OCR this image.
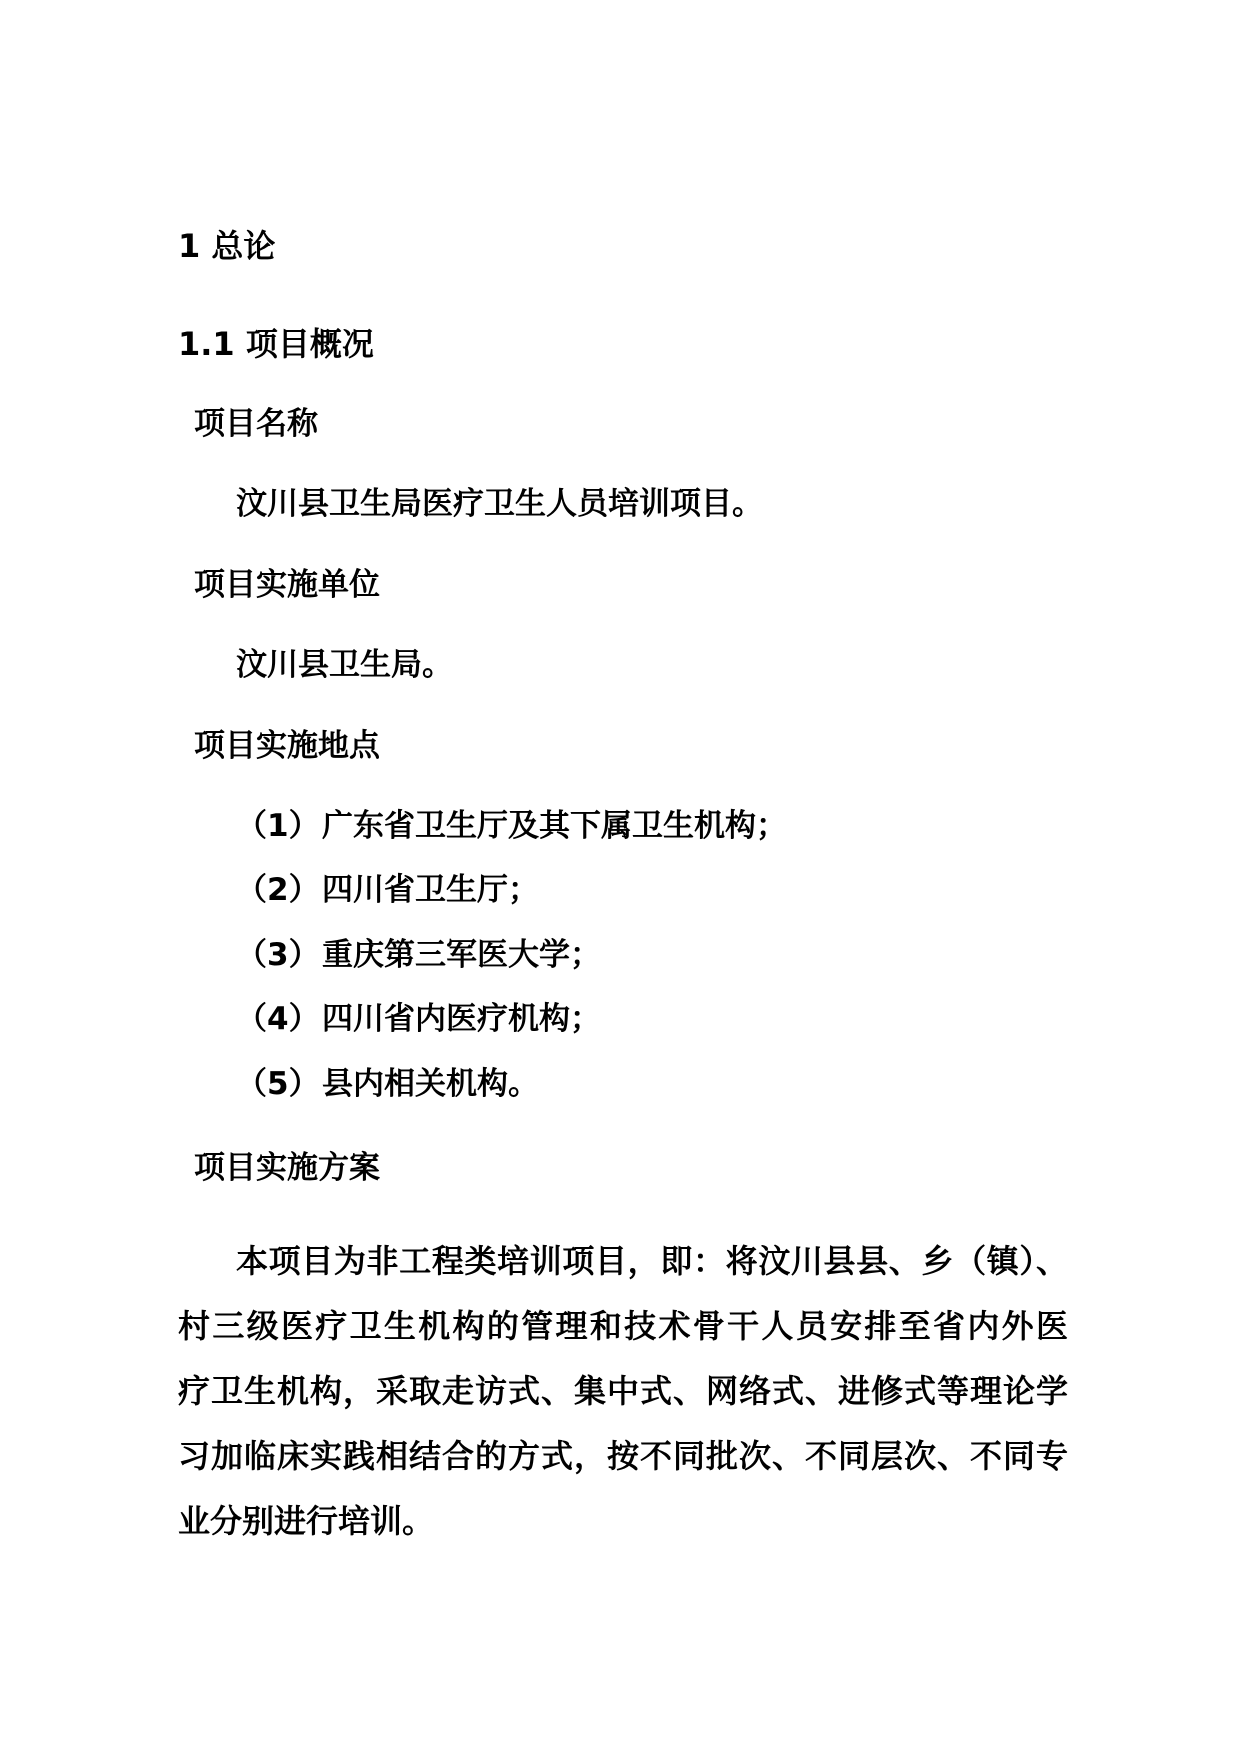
1 总论
1.1 项目概况
项目名称
汶川县卫生局医疗卫生人员培训项目。
项目实施单位
汶川县卫生局。
项目实施地点
（1）广东省卫生厅及其下属卫生机构；
（2）四川省卫生厅；
（3）重庆第三军医大学；
（4）四川省内医疗机构；
（5）县内相关机构。
项目实施方案
本项目为非工程类培训项目，即：将汶川县县、乡（镇）、
村三级医疗卫生机构的管理和技术骨干人员安排至省内外医
疗卫生机构，采取走访式、集中式、网络式、进修式等理论学
习加临床实践相结合的方式，按不同批次、不同层次、不同专
业分别进行培训。
